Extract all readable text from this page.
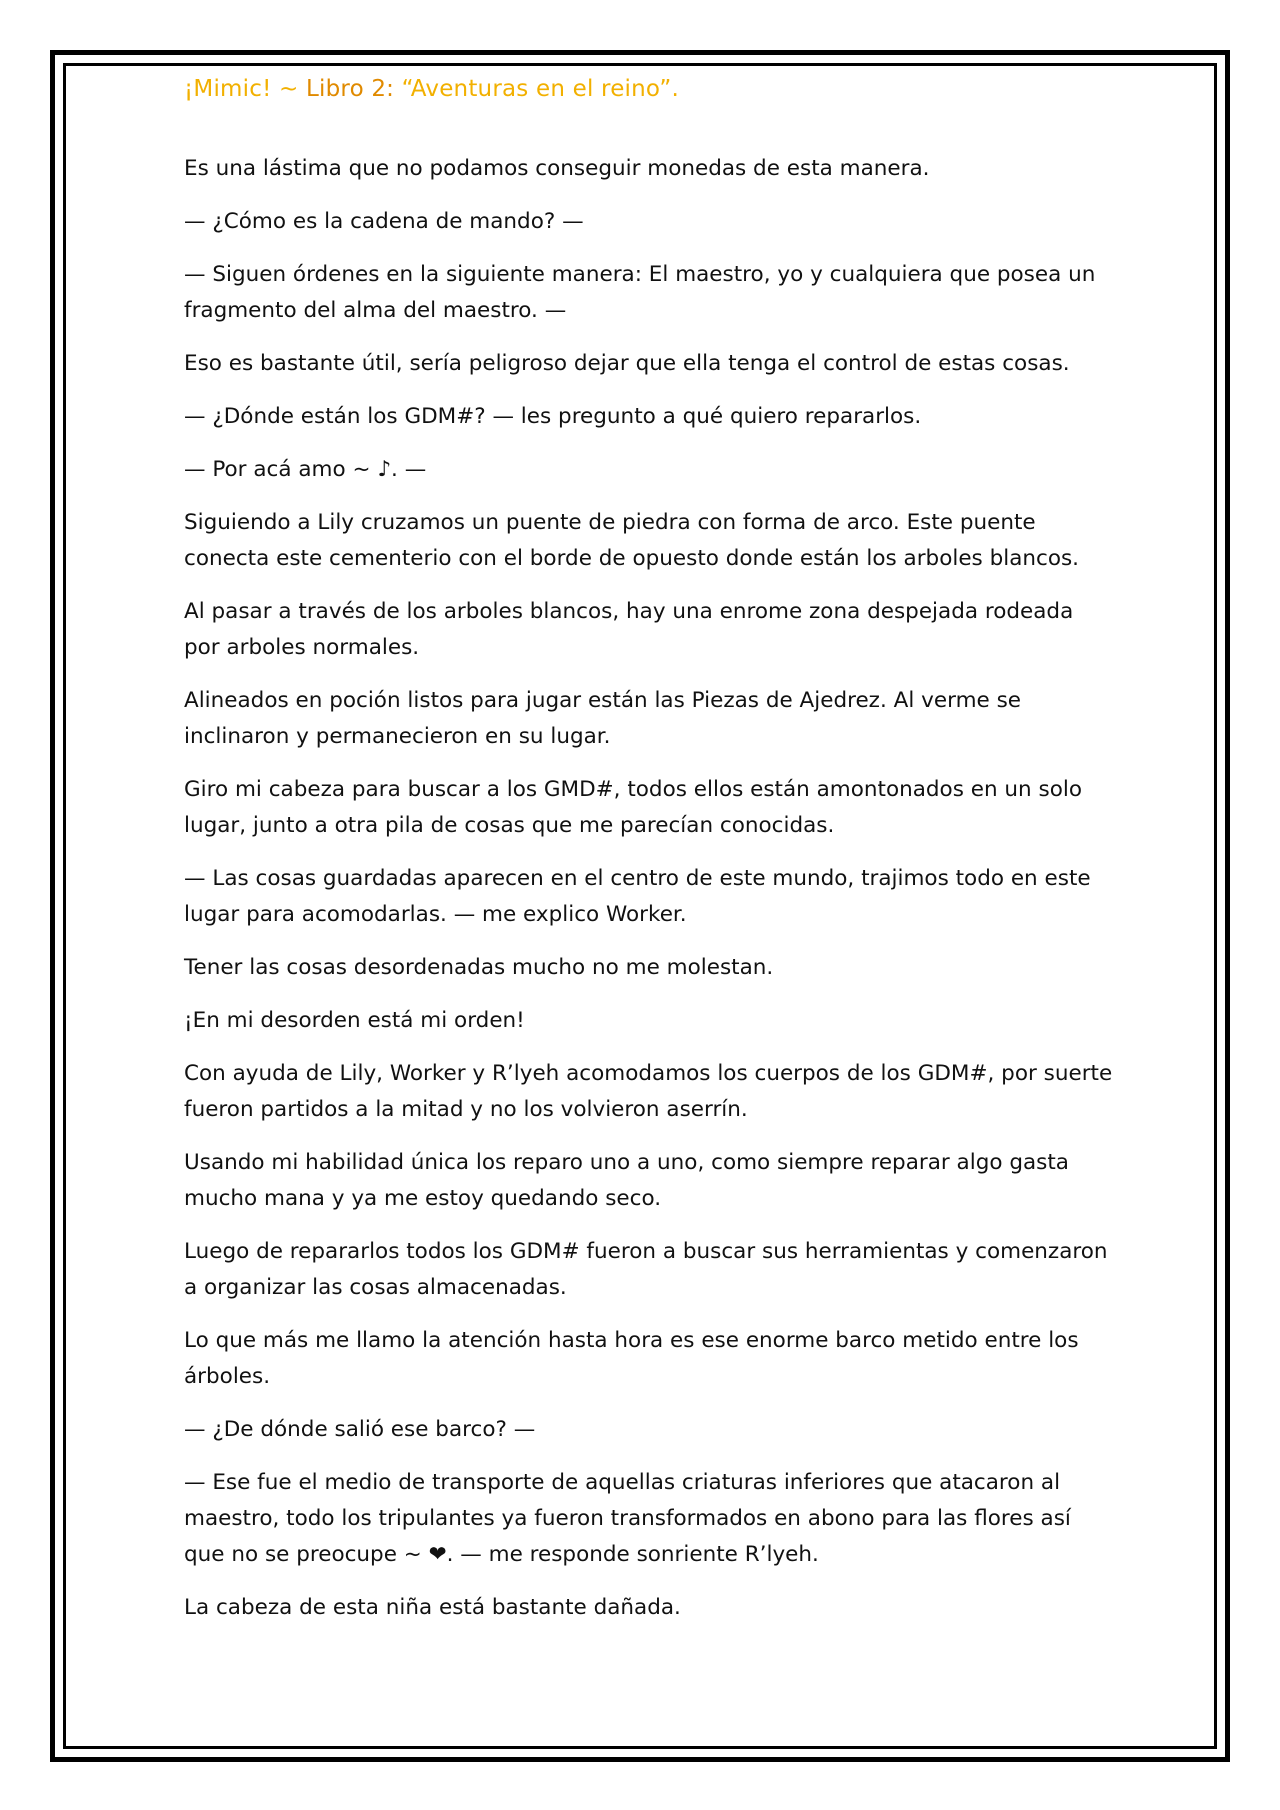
¡Mimic! ~ Libro 2: “Aventuras en el reino”.

Es una lástima que no podamos conseguir monedas de esta manera.

— ¿Cómo es la cadena de mando? —

— Siguen órdenes en la siguiente manera: El maestro, yo y cualquiera que posea un fragmento del alma del maestro. —

Eso es bastante útil, sería peligroso dejar que ella tenga el control de estas cosas.

— ¿Dónde están los GDM#? — les pregunto a qué quiero repararlos.

— Por acá amo ~ ♪. —

Siguiendo a Lily cruzamos un puente de piedra con forma de arco. Este puente conecta este cementerio con el borde de opuesto donde están los arboles blancos.

Al pasar a través de los arboles blancos, hay una enrome zona despejada rodeada por arboles normales.

Alineados en poción listos para jugar están las Piezas de Ajedrez. Al verme se inclinaron y permanecieron en su lugar.

Giro mi cabeza para buscar a los GMD#, todos ellos están amontonados en un solo lugar, junto a otra pila de cosas que me parecían conocidas.

— Las cosas guardadas aparecen en el centro de este mundo, trajimos todo en este lugar para acomodarlas. — me explico Worker.

Tener las cosas desordenadas mucho no me molestan.

¡En mi desorden está mi orden!

Con ayuda de Lily, Worker y R’lyeh acomodamos los cuerpos de los GDM#, por suerte fueron partidos a la mitad y no los volvieron aserrín.

Usando mi habilidad única los reparo uno a uno, como siempre reparar algo gasta mucho mana y ya me estoy quedando seco.

Luego de repararlos todos los GDM# fueron a buscar sus herramientas y comenzaron a organizar las cosas almacenadas.

Lo que más me llamo la atención hasta hora es ese enorme barco metido entre los árboles.

— ¿De dónde salió ese barco? —

— Ese fue el medio de transporte de aquellas criaturas inferiores que atacaron al maestro, todo los tripulantes ya fueron transformados en abono para las flores así que no se preocupe ~ ❤. — me responde sonriente R’lyeh.

La cabeza de esta niña está bastante dañada.
